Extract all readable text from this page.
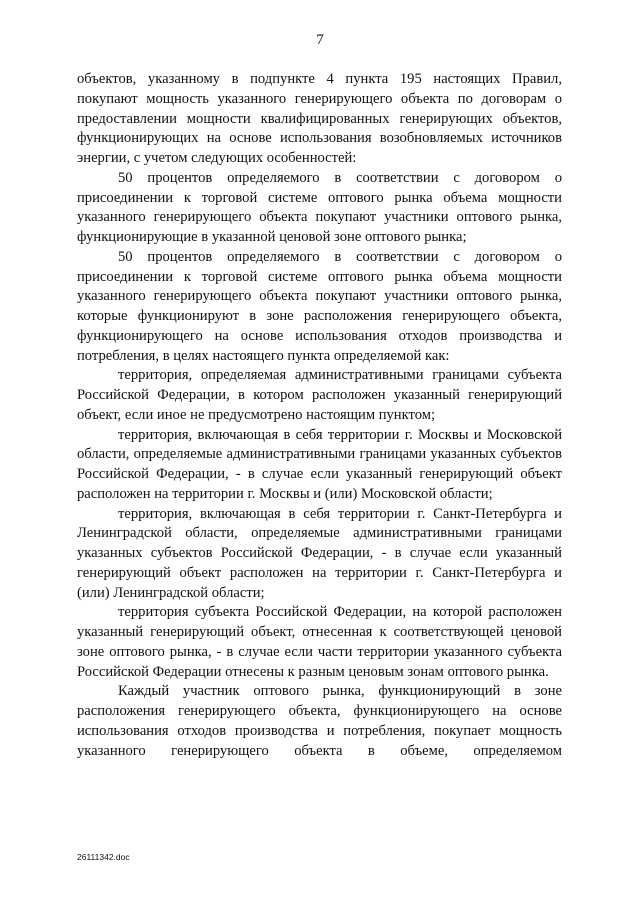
7

объектов, указанному в подпункте 4 пункта 195 настоящих Правил, покупают мощность указанного генерирующего объекта по договорам о предоставлении мощности квалифицированных генерирующих объектов, функционирующих на основе использования возобновляемых источников энергии, с учетом следующих особенностей:

50 процентов определяемого в соответствии с договором о присоединении к торговой системе оптового рынка объема мощности указанного генерирующего объекта покупают участники оптового рынка, функционирующие в указанной ценовой зоне оптового рынка;

50 процентов определяемого в соответствии с договором о присоединении к торговой системе оптового рынка объема мощности указанного генерирующего объекта покупают участники оптового рынка, которые функционируют в зоне расположения генерирующего объекта, функционирующего на основе использования отходов производства и потребления, в целях настоящего пункта определяемой как:

территория, определяемая административными границами субъекта Российской Федерации, в котором расположен указанный генерирующий объект, если иное не предусмотрено настоящим пунктом;

территория, включающая в себя территории г. Москвы и Московской области, определяемые административными границами указанных субъектов Российской Федерации, - в случае если указанный генерирующий объект расположен на территории г. Москвы и (или) Московской области;

территория, включающая в себя территории г. Санкт-Петербурга и Ленинградской области, определяемые административными границами указанных субъектов Российской Федерации, - в случае если указанный генерирующий объект расположен на территории г. Санкт-Петербурга и (или) Ленинградской области;

территория субъекта Российской Федерации, на которой расположен указанный генерирующий объект, отнесенная к соответствующей ценовой зоне оптового рынка, - в случае если части территории указанного субъекта Российской Федерации отнесены к разным ценовым зонам оптового рынка.

Каждый участник оптового рынка, функционирующий в зоне расположения генерирующего объекта, функционирующего на основе использования отходов производства и потребления, покупает мощность указанного генерирующего объекта в объеме, определяемом

26111342.doc
